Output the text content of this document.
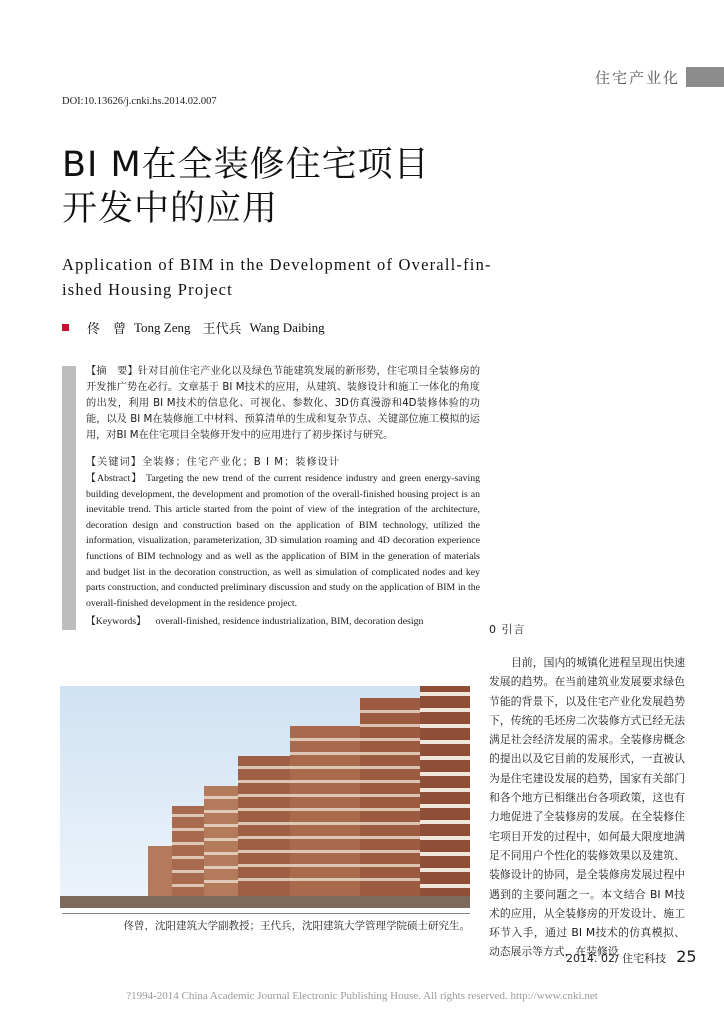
住宅产业化
DOI:10.13626/j.cnki.hs.2014.02.007
BI M在全装修住宅项目
开发中的应用
Application of BIM in the Development of Overall-fin-ished Housing Project
佟　曾 Tong Zeng 王代兵 Wang Daibing
【摘　要】针对目前住宅产业化以及绿色节能建筑发展的新形势，住宅项目全装修房的开发推广势在必行。文章基于 BI M技术的应用，从建筑、装修设计和施工一体化的角度的出发，利用 BI M技术的信息化、可视化、参数化、3D仿真漫游和4D装修体验的功能，以及 BI M在装修施工中材料、预算清单的生成和复杂节点、关键部位施工模拟的运用，对BI M在住宅项目全装修开发中的应用进行了初步探讨与研究。
【关键词】全装修；住宅产业化；B I M；装修设计
【Abstract】 Targeting the new trend of the current residence industry and green energy-saving building development, the development and promotion of the overall-finished housing project is an inevitable trend. This article started from the point of view of the integration of the architecture, decoration design and construction based on the application of BIM technology, utilized the information, visualization, parameterization, 3D simulation roaming and 4D decoration experience functions of BIM technology and as well as the application of BIM in the generation of materials and budget list in the decoration construction, as well as simulation of complicated nodes and key parts construction, and conducted preliminary discussion and study on the application of BIM in the overall-finished development in the residence project.
【Keywords】 overall-finished, residence industrialization, BIM, decoration design
佟曾，沈阳建筑大学副教授；王代兵，沈阳建筑大学管理学院硕士研究生。
0 引言
目前，国内的城镇化进程呈现出快速发展的趋势。在当前建筑业发展要求绿色节能的背景下，以及住宅产业化发展趋势下，传统的毛坯房二次装修方式已经无法满足社会经济发展的需求。全装修房概念的提出以及它目前的发展形式，一直被认为是住宅建设发展的趋势，国家有关部门和各个地方已相继出台各项政策，这也有力地促进了全装修房的发展。在全装修住宅项目开发的过程中，如何最大限度地满足不同用户个性化的装修效果以及建筑、装修设计的协同，是全装修房发展过程中遇到的主要问题之一。本文结合 BI M技术的应用，从全装修房的开发设计、施工环节入手，通过 BI M技术的仿真模拟、动态展示等方式，在装修设
2014. 02/ 住宅科技 25
?1994-2014 China Academic Journal Electronic Publishing House. All rights reserved. http://www.cnki.net
